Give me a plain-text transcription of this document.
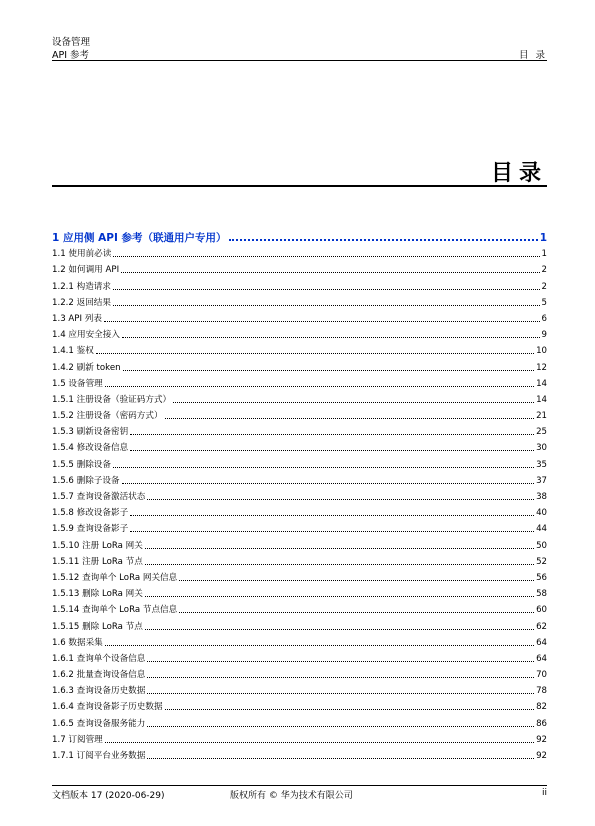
设备管理
API 参考	目 录
目录
1 应用侧 API 参考（联通用户专用）	1
1.1 使用前必读	1
1.2 如何调用 API	2
1.2.1 构造请求	2
1.2.2 返回结果	5
1.3 API 列表	6
1.4 应用安全接入	9
1.4.1 鉴权	10
1.4.2 刷新 token	12
1.5 设备管理	14
1.5.1 注册设备（验证码方式）	14
1.5.2 注册设备（密码方式）	21
1.5.3 刷新设备密钥	25
1.5.4 修改设备信息	30
1.5.5 删除设备	35
1.5.6 删除子设备	37
1.5.7 查询设备激活状态	38
1.5.8 修改设备影子	40
1.5.9 查询设备影子	44
1.5.10 注册 LoRa 网关	50
1.5.11 注册 LoRa 节点	52
1.5.12 查询单个 LoRa 网关信息	56
1.5.13 删除 LoRa 网关	58
1.5.14 查询单个 LoRa 节点信息	60
1.5.15 删除 LoRa 节点	62
1.6 数据采集	64
1.6.1 查询单个设备信息	64
1.6.2 批量查询设备信息	70
1.6.3 查询设备历史数据	78
1.6.4 查询设备影子历史数据	82
1.6.5 查询设备服务能力	86
1.7 订阅管理	92
1.7.1 订阅平台业务数据	92
文档版本 17 (2020-06-29)	版权所有 © 华为技术有限公司	ii
